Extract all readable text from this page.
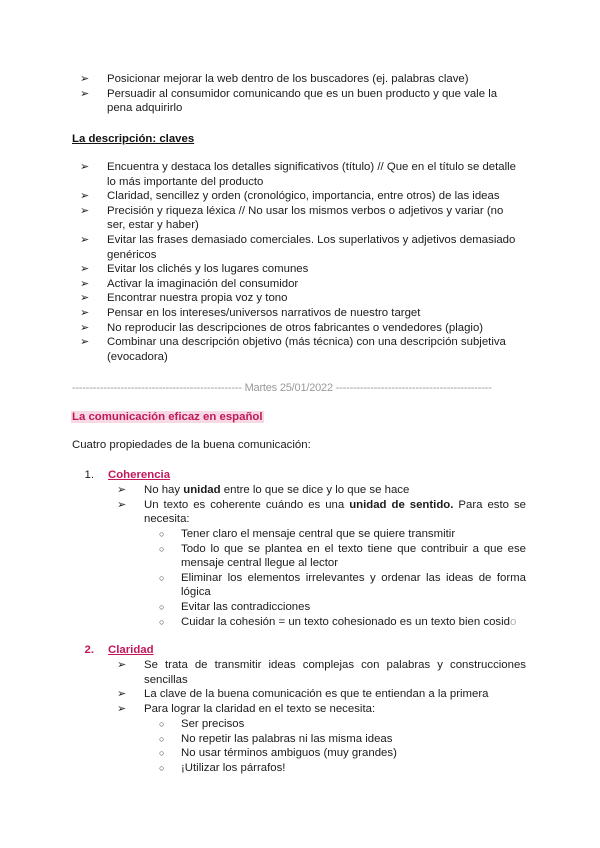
➢ Posicionar mejorar la web dentro de los buscadores (ej. palabras clave)
➢ Persuadir al consumidor comunicando que es un buen producto y que vale la pena adquirirlo
La descripción: claves
➢ Encuentra y destaca los detalles significativos (título) // Que en el título se detalle lo más importante del producto
➢ Claridad, sencillez y orden (cronológico, importancia, entre otros) de las ideas
➢ Precisión y riqueza léxica // No usar los mismos verbos o adjetivos y variar (no ser, estar y haber)
➢ Evitar las frases demasiado comerciales. Los superlativos y adjetivos demasiado genéricos
➢ Evitar los clichés y los lugares comunes
➢ Activar la imaginación del consumidor
➢ Encontrar nuestra propia voz y tono
➢ Pensar en los intereses/universos narrativos de nuestro target
➢ No reproducir las descripciones de otros fabricantes o vendedores (plagio)
➢ Combinar una descripción objetivo (más técnica) con una descripción subjetiva (evocadora)
------------------------------------------------- Martes 25/01/2022 ---------------------------------------------
La comunicación eficaz en español
Cuatro propiedades de la buena comunicación:
1. Coherencia
➢ No hay unidad entre lo que se dice y lo que se hace
➢ Un texto es coherente cuándo es una unidad de sentido. Para esto se necesita:
○ Tener claro el mensaje central que se quiere transmitir
○ Todo lo que se plantea en el texto tiene que contribuir a que ese mensaje central llegue al lector
○ Eliminar los elementos irrelevantes y ordenar las ideas de forma lógica
○ Evitar las contradicciones
○ Cuidar la cohesión = un texto cohesionado es un texto bien cosido
2. Claridad
➢ Se trata de transmitir ideas complejas con palabras y construcciones sencillas
➢ La clave de la buena comunicación es que te entiendan a la primera
➢ Para lograr la claridad en el texto se necesita:
○ Ser precisos
○ No repetir las palabras ni las misma ideas
○ No usar términos ambiguos (muy grandes)
○ ¡Utilizar los párrafos!
